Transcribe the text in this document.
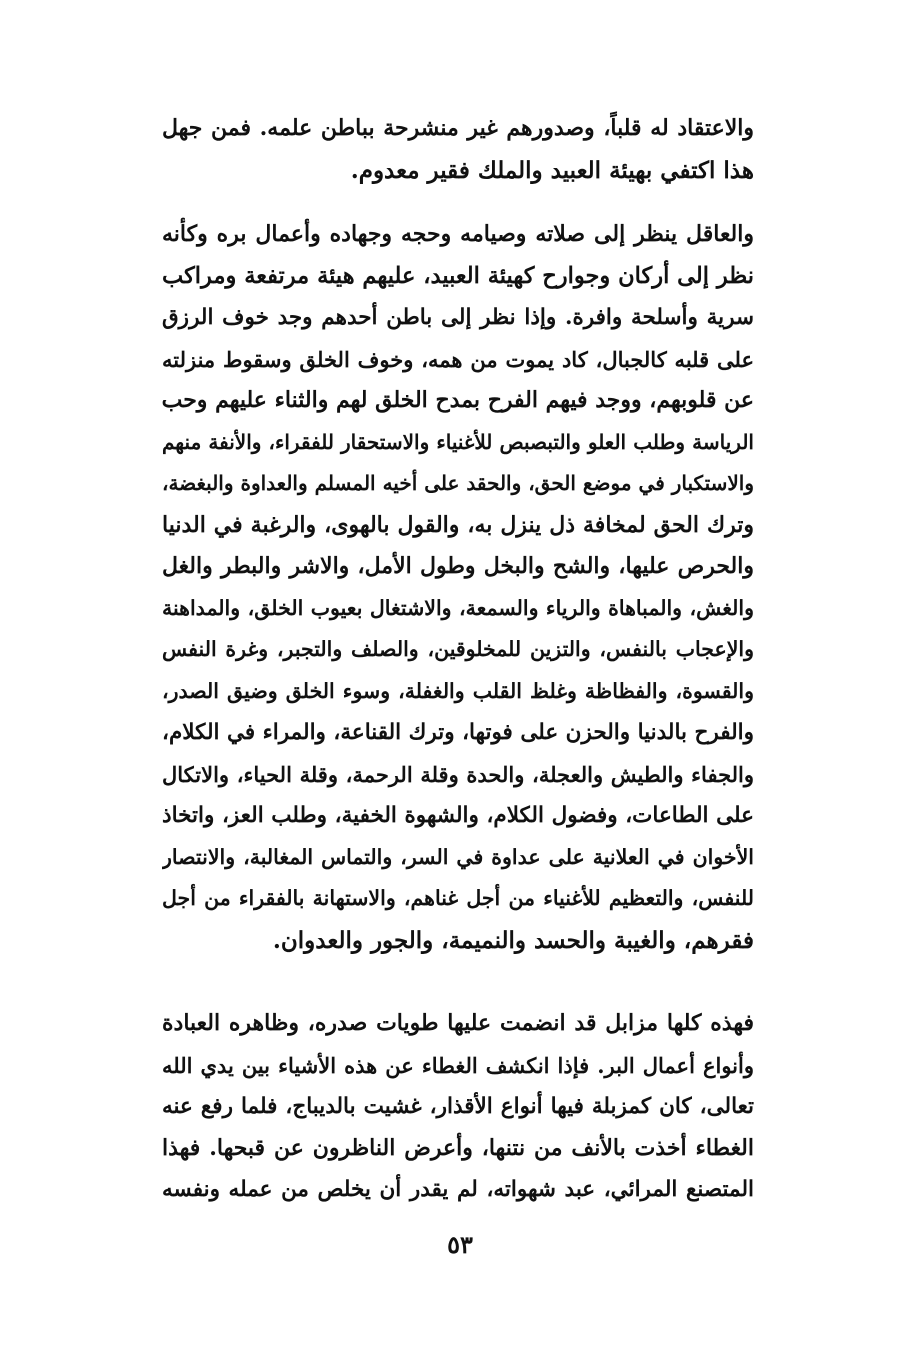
والاعتقاد له قلباً، وصدورهم غير منشرحة بباطن علمه. فمن جهل
هذا اكتفي بهيئة العبيد والملك فقير معدوم.
والعاقل ينظر إلى صلاته وصيامه وحجه وجهاده وأعمال بره وكأنه
نظر إلى أركان وجوارح كهيئة العبيد، عليهم هيئة مرتفعة ومراكب
سرية وأسلحة وافرة. وإذا نظر إلى باطن أحدهم وجد خوف الرزق
على قلبه كالجبال، كاد يموت من همه، وخوف الخلق وسقوط منزلته
عن قلوبهم، ووجد فيهم الفرح بمدح الخلق لهم والثناء عليهم وحب
الرياسة وطلب العلو والتبصبص للأغنياء والاستحقار للفقراء، والأنفة منهم
والاستكبار في موضع الحق، والحقد على أخيه المسلم والعداوة والبغضة،
وترك الحق لمخافة ذل ينزل به، والقول بالهوى، والرغبة في الدنيا
والحرص عليها، والشح والبخل وطول الأمل، والاشر والبطر والغل
والغش، والمباهاة والرياء والسمعة، والاشتغال بعيوب الخلق، والمداهنة
والإعجاب بالنفس، والتزين للمخلوقين، والصلف والتجبر، وغرة النفس
والقسوة، والفظاظة وغلظ القلب والغفلة، وسوء الخلق وضيق الصدر،
والفرح بالدنيا والحزن على فوتها، وترك القناعة، والمراء في الكلام،
والجفاء والطيش والعجلة، والحدة وقلة الرحمة، وقلة الحياء، والاتكال
على الطاعات، وفضول الكلام، والشهوة الخفية، وطلب العز، واتخاذ
الأخوان في العلانية على عداوة في السر، والتماس المغالبة، والانتصار
للنفس، والتعظيم للأغنياء من أجل غناهم، والاستهانة بالفقراء من أجل
فقرهم، والغيبة والحسد والنميمة، والجور والعدوان.
فهذه كلها مزابل قد انضمت عليها طويات صدره، وظاهره العبادة
وأنواع أعمال البر. فإذا انكشف الغطاء عن هذه الأشياء بين يدي الله
تعالى، كان كمزبلة فيها أنواع الأقذار، غشيت بالديباج، فلما رفع عنه
الغطاء أخذت بالأنف من نتنها، وأعرض الناظرون عن قبحها. فهذا
المتصنع المرائي، عبد شهواته، لم يقدر أن يخلص من عمله ونفسه
٥٣
